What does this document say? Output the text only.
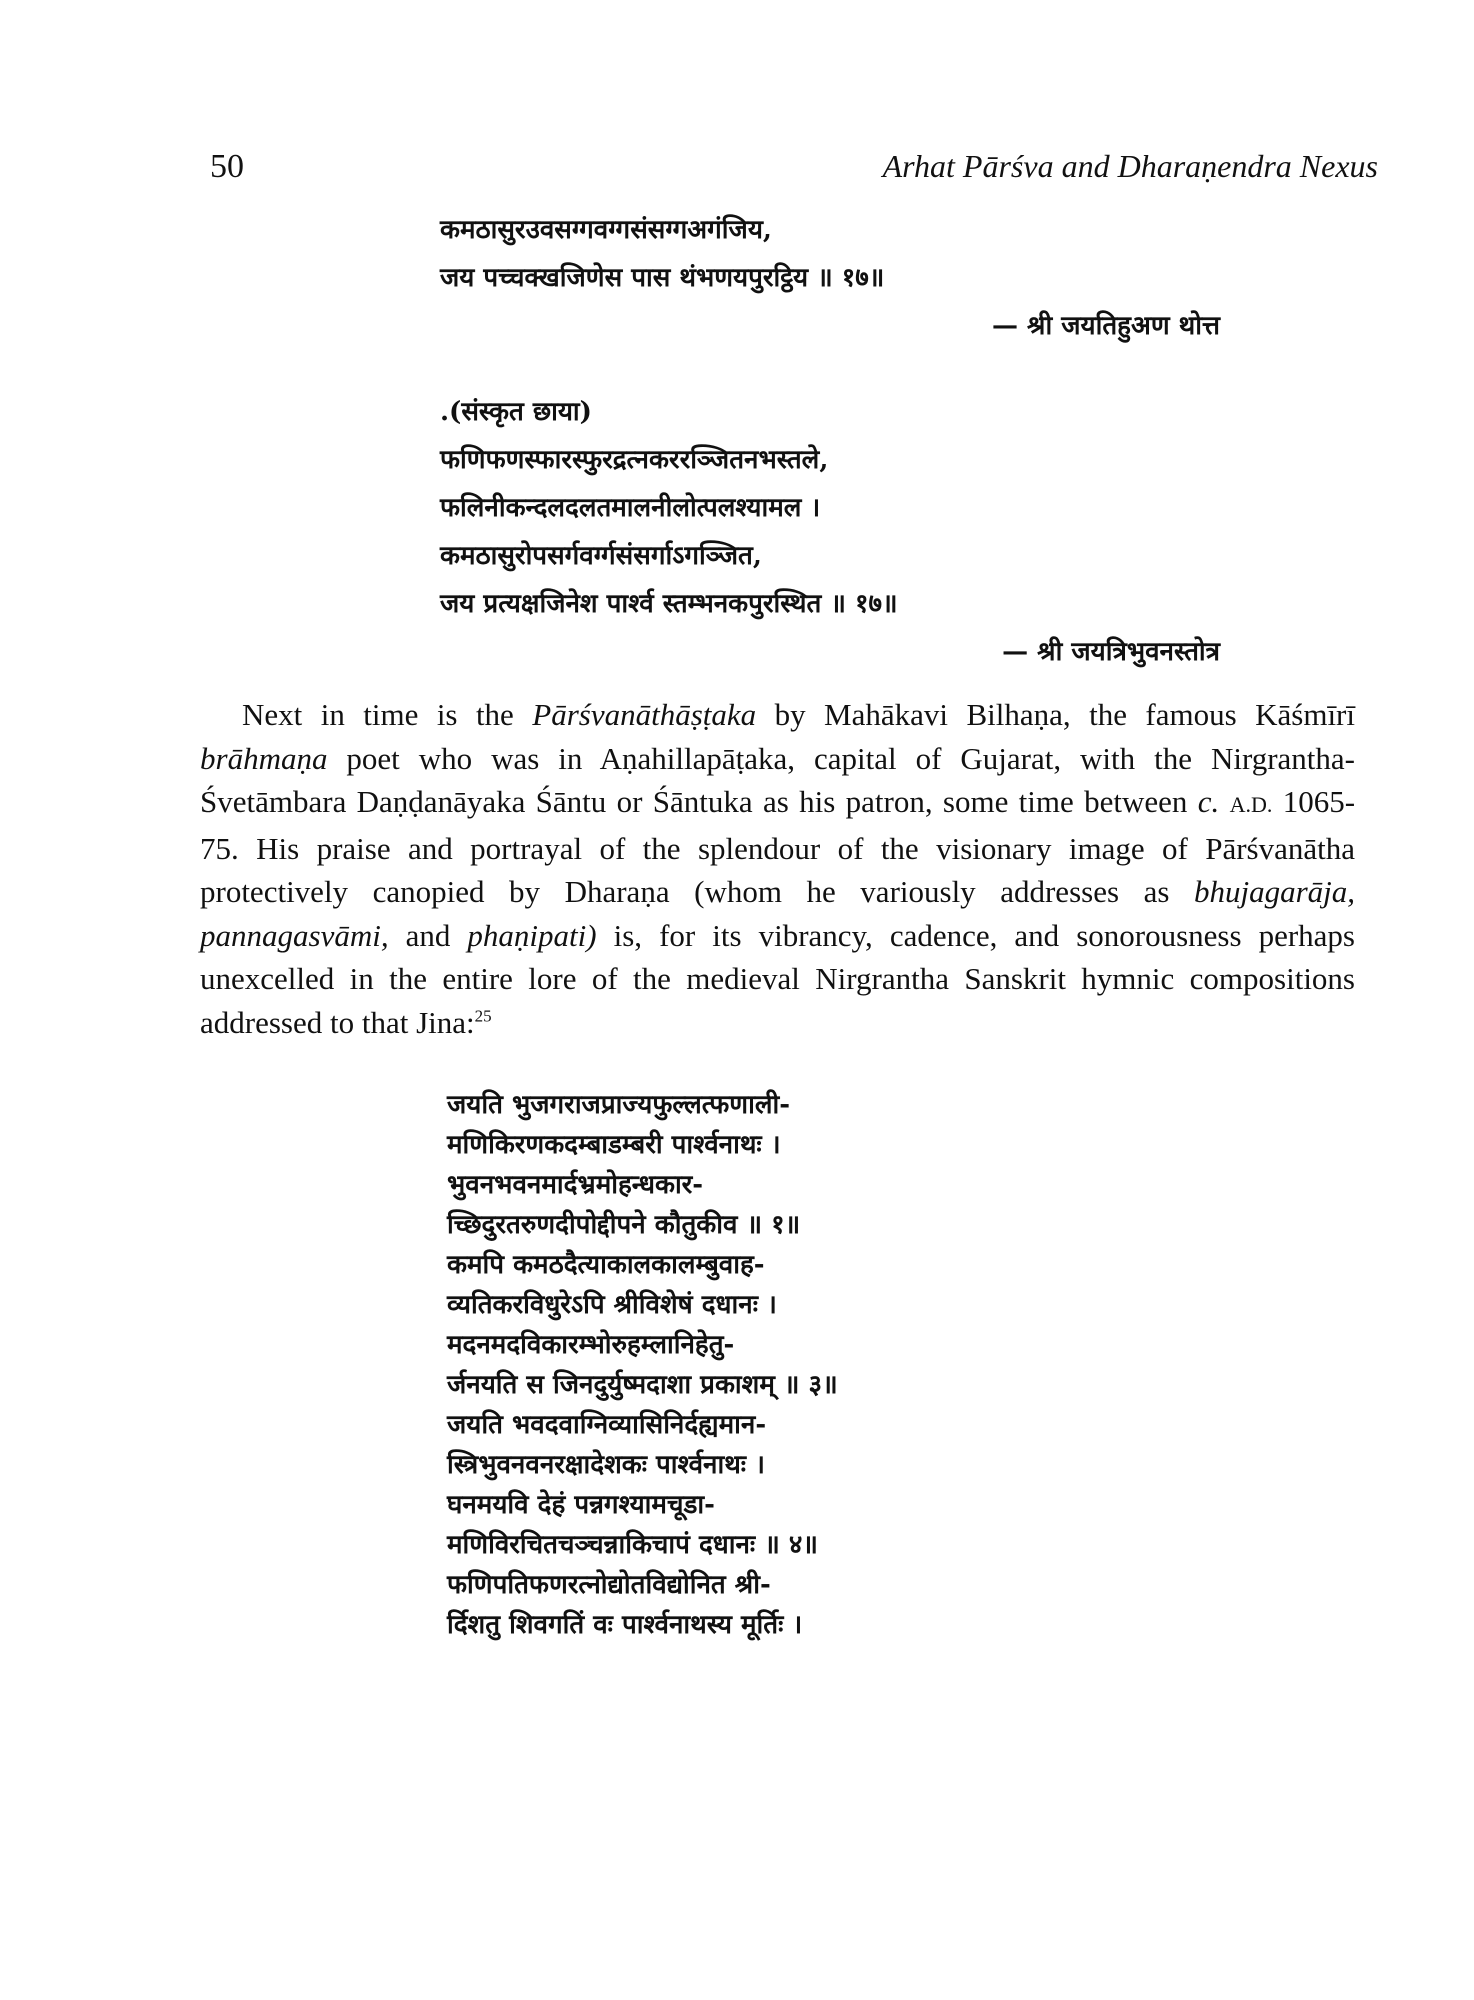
50	Arhat Pārśva and Dharaṇendra Nexus
कमठासुरउवसग्गवग्गसंसग्गअगंजिय,
जय पच्चक्खजिणेस पास थंभणयपुरट्ठिय ॥ १७॥
— श्री जयतिहुअण थोत्त
.(संस्कृत छाया)
फणिफणस्फारस्फुरद्रत्नकररञ्जितनभस्तले,
फलिनीकन्दलदलतमालनीलोत्पलश्यामल ।
कमठासुरोपसर्गवर्ग्गसंसर्गाऽगञ्जित,
जय प्रत्यक्षजिनेश पार्श्व स्तम्भनकपुरस्थित ॥ १७॥
— श्री जयत्रिभुवनस्तोत्र

Next in time is the Pārśvanāthāṣṭaka by Mahākavi Bilhaṇa, the famous Kāśmīrī brāhmaṇa poet who was in Aṇahillapāṭaka, capital of Gujarat, with the Nirgrantha-Śvetāmbara Daṇḍanāyaka Śāntu or Śāntuka as his patron, some time between c. A.D. 1065-75. His praise and portrayal of the splendour of the visionary image of Pārśvanātha protectively canopied by Dharaṇa (whom he variously addresses as bhujagarāja, pannagasvāmi, and phaṇipati) is, for its vibrancy, cadence, and sonorousness perhaps unexcelled in the entire lore of the medieval Nirgrantha Sanskrit hymnic compositions addressed to that Jina:$^{25}$

जयति भुजगराजप्राज्यफुल्लत्फणाली-
मणिकिरणकदम्बाडम्बरी पार्श्वनाथः ।
भुवनभवनमार्दभ्रमोहन्धकार-
च्छिदुरतरुणदीपोद्दीपने कौतुकीव ॥ १॥
कमपि कमठदैत्याकालकालम्बुवाह-
व्यतिकरविधुरेऽपि श्रीविशेषं दधानः ।
मदनमदविकारम्भोरुहम्लानिहेतु-
र्जनयति स जिनदुर्युष्मदाशा प्रकाशम् ॥ ३॥
जयति भवदवाग्निव्यासिनिर्दह्यमान-
स्त्रिभुवनवनरक्षादेशकः पार्श्वनाथः ।
घनमयवि देहं पन्नगश्यामचूडा-
मणिविरचितचञ्चन्नाकिचापं दधानः ॥ ४॥
फणिपतिफणरत्नोद्योतविद्योनित श्री-
र्दिशतु शिवगतिं वः पार्श्वनाथस्य मूर्तिः ।
